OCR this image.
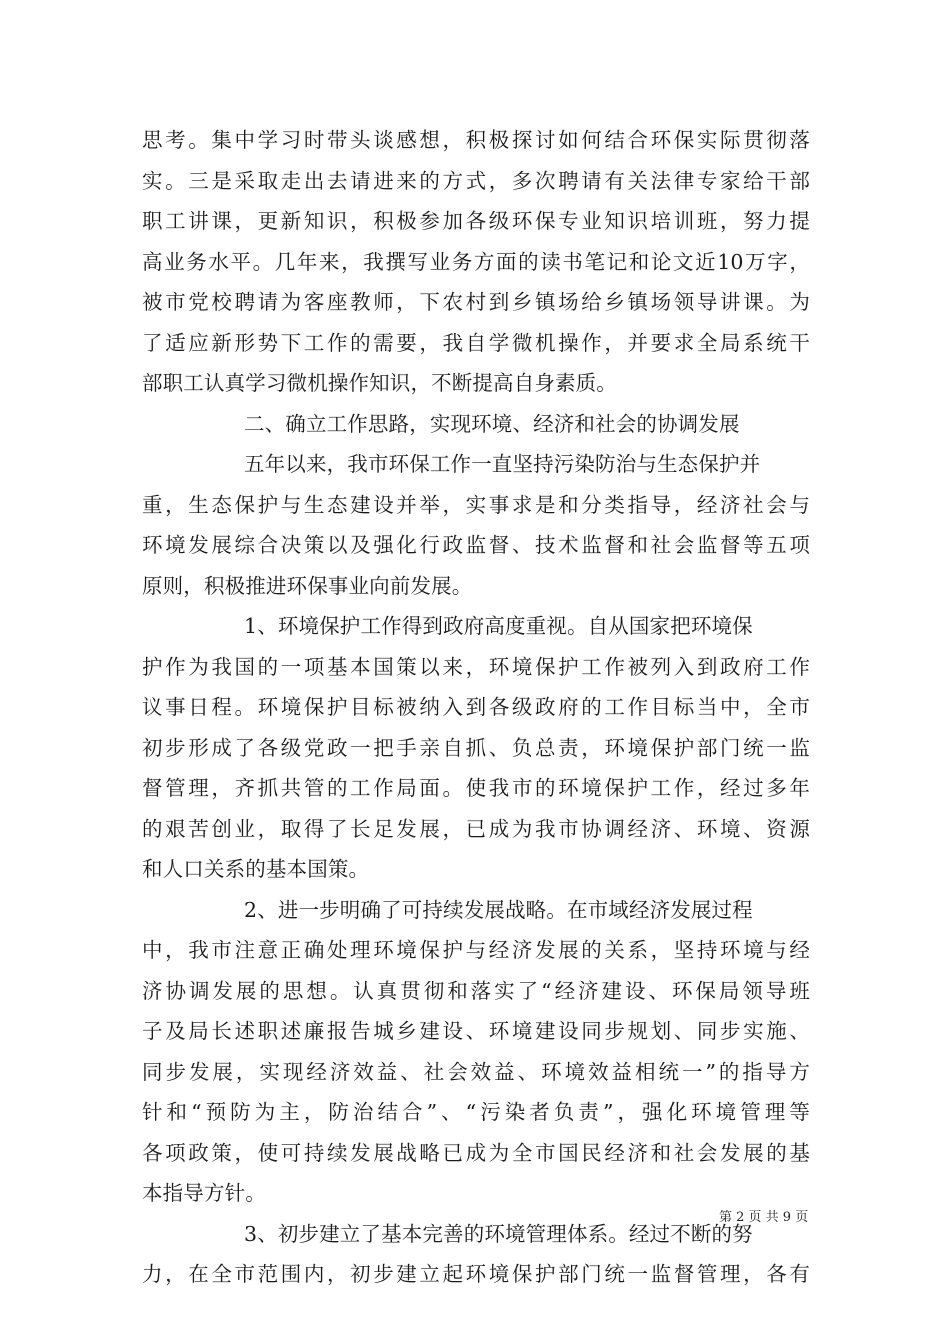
思考。集中学习时带头谈感想，积极探讨如何结合环保实际贯彻落
实。三是采取走出去请进来的方式，多次聘请有关法律专家给干部
职工讲课，更新知识，积极参加各级环保专业知识培训班，努力提
高业务水平。几年来，我撰写业务方面的读书笔记和论文近10万字，
被市党校聘请为客座教师，下农村到乡镇场给乡镇场领导讲课。为
了适应新形势下工作的需要，我自学微机操作，并要求全局系统干
部职工认真学习微机操作知识，不断提高自身素质。
二、确立工作思路，实现环境、经济和社会的协调发展
五年以来，我市环保工作一直坚持污染防治与生态保护并
重，生态保护与生态建设并举，实事求是和分类指导，经济社会与
环境发展综合决策以及强化行政监督、技术监督和社会监督等五项
原则，积极推进环保事业向前发展。
1、环境保护工作得到政府高度重视。自从国家把环境保
护作为我国的一项基本国策以来，环境保护工作被列入到政府工作
议事日程。环境保护目标被纳入到各级政府的工作目标当中，全市
初步形成了各级党政一把手亲自抓、负总责，环境保护部门统一监
督管理，齐抓共管的工作局面。使我市的环境保护工作，经过多年
的艰苦创业，取得了长足发展，已成为我市协调经济、环境、资源
和人口关系的基本国策。
2、进一步明确了可持续发展战略。在市域经济发展过程
中，我市注意正确处理环境保护与经济发展的关系，坚持环境与经
济协调发展的思想。认真贯彻和落实了“经济建设、环保局领导班
子及局长述职述廉报告城乡建设、环境建设同步规划、同步实施、
同步发展，实现经济效益、社会效益、环境效益相统一”的指导方
针和“预防为主，防治结合”、“污染者负责”，强化环境管理等
各项政策，使可持续发展战略已成为全市国民经济和社会发展的基
本指导方针。
3、初步建立了基本完善的环境管理体系。经过不断的努
力，在全市范围内，初步建立起环境保护部门统一监督管理，各有
第 2 页 共 9 页
